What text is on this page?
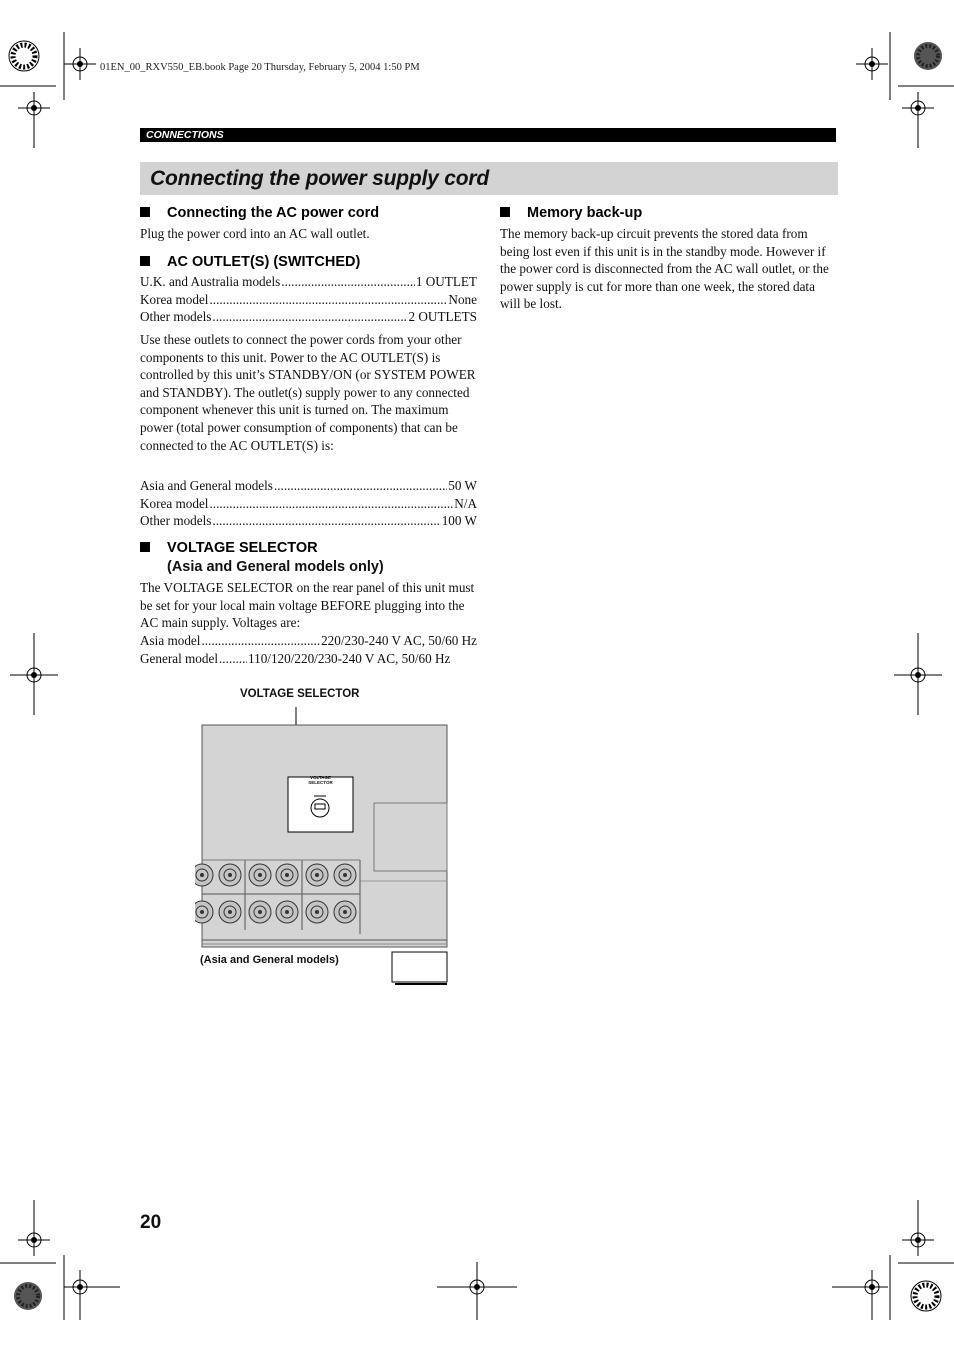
01EN_00_RXV550_EB.book Page 20 Thursday, February 5, 2004 1:50 PM
CONNECTIONS
Connecting the power supply cord
Connecting the AC power cord
Plug the power cord into an AC wall outlet.
AC OUTLET(S) (SWITCHED)
U.K. and Australia models .....	1 OUTLET
Korea model .....	None
Other models .....	2 OUTLETS
Use these outlets to connect the power cords from your other components to this unit. Power to the AC OUTLET(S) is controlled by this unit’s STANDBY/ON (or SYSTEM POWER and STANDBY). The outlet(s) supply power to any connected component whenever this unit is turned on. The maximum power (total power consumption of components) that can be connected to the AC OUTLET(S) is:
Asia and General models .....	50 W
Korea model .....	N/A
Other models .....	100 W
VOLTAGE SELECTOR
(Asia and General models only)
The VOLTAGE SELECTOR on the rear panel of this unit must be set for your local main voltage BEFORE plugging into the AC main supply. Voltages are:
Asia model .....	220/230-240 V AC, 50/60 Hz
General model ..... 110/120/220/230-240 V AC, 50/60 Hz
VOLTAGE SELECTOR
VOLTAGE
SELECTOR
(Asia and General models)
Memory back-up
The memory back-up circuit prevents the stored data from being lost even if this unit is in the standby mode. However if the power cord is disconnected from the AC wall outlet, or the power supply is cut for more than one week, the stored data will be lost.
20
